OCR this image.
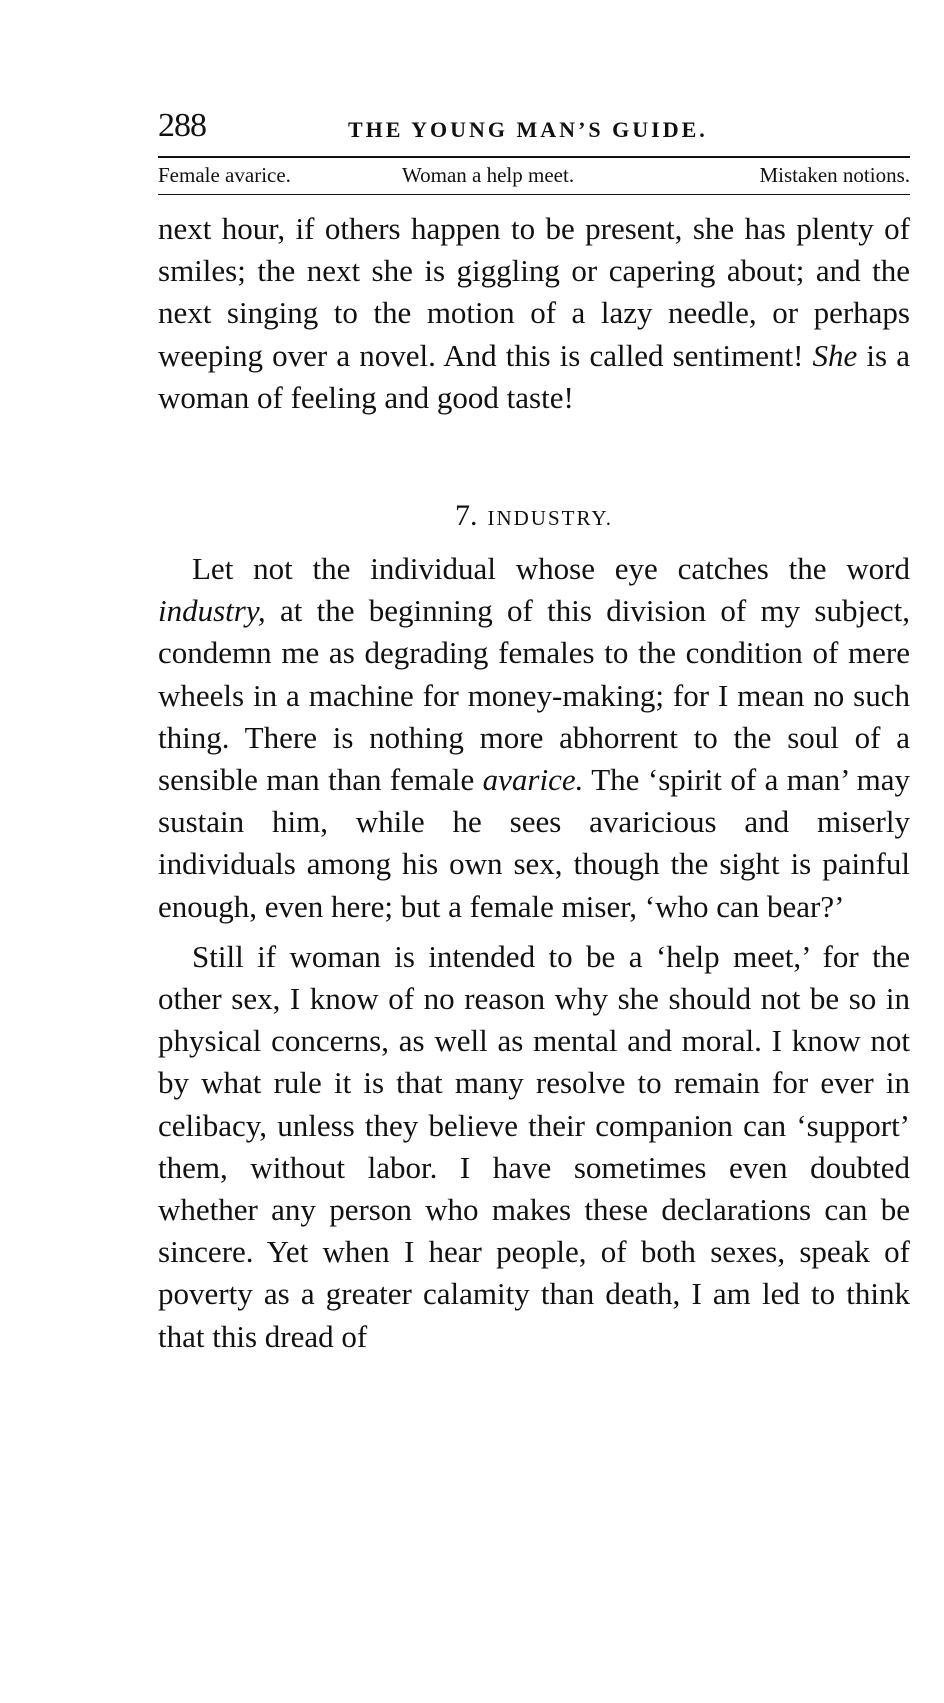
288	THE YOUNG MAN’S GUIDE.
Female avarice.	Woman a help meet.	Mistaken notions.

next hour, if others happen to be present, she has plenty of smiles; the next she is giggling or capering about; and the next singing to the motion of a lazy needle, or perhaps weeping over a novel. And this is called sentiment! She is a woman of feeling and good taste!

7. INDUSTRY.

Let not the individual whose eye catches the word industry, at the beginning of this division of my subject, condemn me as degrading females to the condition of mere wheels in a machine for money-making; for I mean no such thing. There is nothing more abhorrent to the soul of a sensible man than female avarice. The ‘spirit of a man’ may sustain him, while he sees avaricious and miserly individuals among his own sex, though the sight is painful enough, even here; but a female miser, ‘who can bear?’

Still if woman is intended to be a ‘help meet,’ for the other sex, I know of no reason why she should not be so in physical concerns, as well as mental and moral. I know not by what rule it is that many resolve to remain for ever in celibacy, unless they believe their companion can ‘support’ them, without labor. I have sometimes even doubted whether any person who makes these declarations can be sincere. Yet when I hear people, of both sexes, speak of poverty as a greater calamity than death, I am led to think that this dread of
